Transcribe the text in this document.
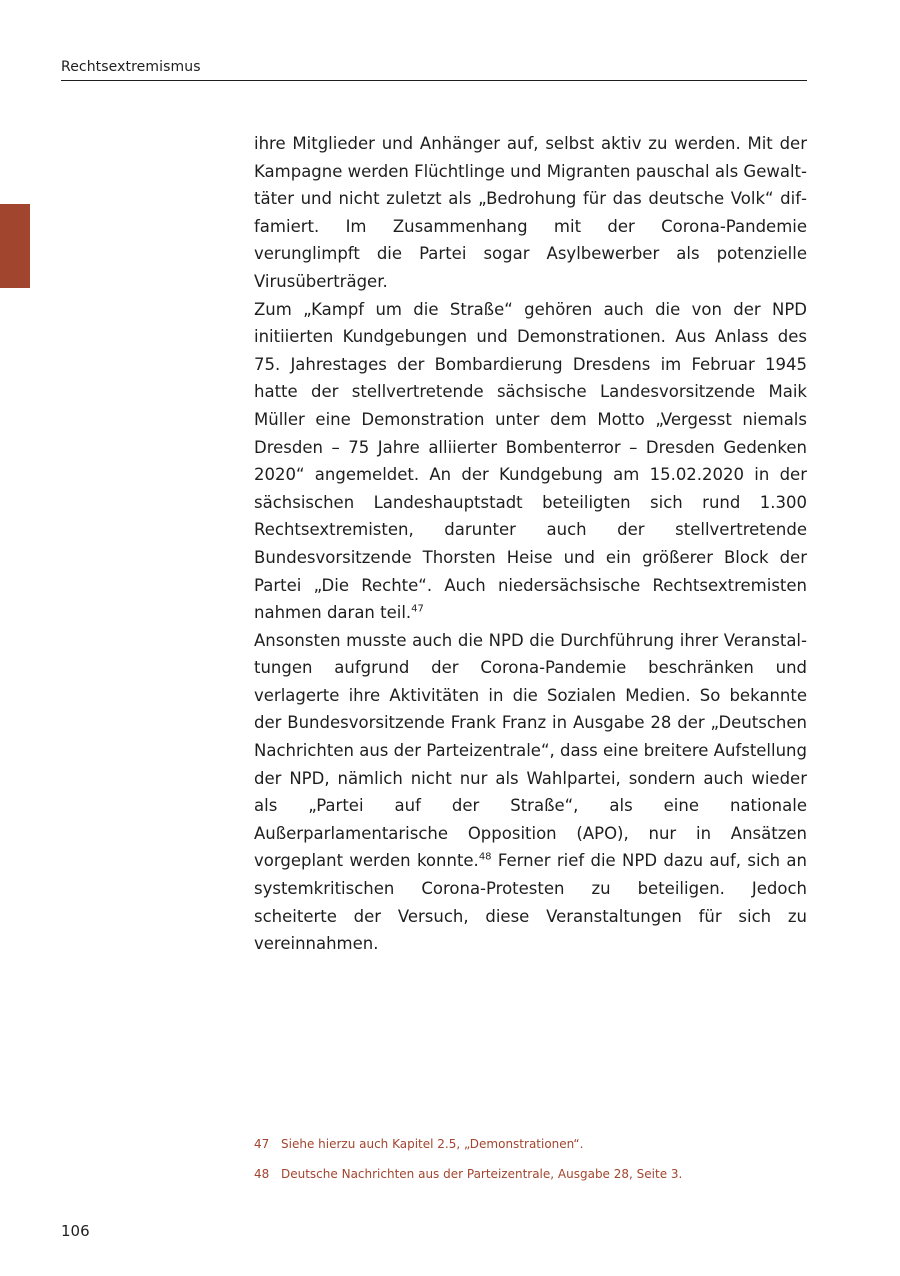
Rechtsextremismus

ihre Mitglieder und Anhänger auf, selbst aktiv zu werden. Mit der Kampagne werden Flüchtlinge und Migranten pauschal als Gewalttäter und nicht zuletzt als „Bedrohung für das deutsche Volk“ diffamiert. Im Zusammenhang mit der Corona-Pandemie verunglimpft die Partei sogar Asylbewerber als potenzielle Virusüberträger.

Zum „Kampf um die Straße“ gehören auch die von der NPD initiierten Kundgebungen und Demonstrationen. Aus Anlass des 75. Jahrestages der Bombardierung Dresdens im Februar 1945 hatte der stellvertretende sächsische Landesvorsitzende Maik Müller eine Demonstration unter dem Motto „Vergesst niemals Dresden – 75 Jahre alliierter Bombenterror – Dresden Gedenken 2020“ angemeldet. An der Kundgebung am 15.02.2020 in der sächsischen Landeshauptstadt beteiligten sich rund 1.300 Rechtsextremisten, darunter auch der stellvertretende Bundesvorsitzende Thorsten Heise und ein größerer Block der Partei „Die Rechte“. Auch niedersächsische Rechtsextremisten nahmen daran teil.$^{47}$

Ansonsten musste auch die NPD die Durchführung ihrer Veranstaltungen aufgrund der Corona-Pandemie beschränken und verlagerte ihre Aktivitäten in die Sozialen Medien. So bekannte der Bundesvorsitzende Frank Franz in Ausgabe 28 der „Deutschen Nachrichten aus der Parteizentrale“, dass eine breitere Aufstellung der NPD, nämlich nicht nur als Wahlpartei, sondern auch wieder als „Partei auf der Straße“, als eine nationale Außerparlamentarische Opposition (APO), nur in Ansätzen vorgeplant werden konnte.$^{48}$ Ferner rief die NPD dazu auf, sich an systemkritischen Corona-Protesten zu beteiligen. Jedoch scheiterte der Versuch, diese Veranstaltungen für sich zu vereinnahmen.

47 Siehe hierzu auch Kapitel 2.5, „Demonstrationen“.

48 Deutsche Nachrichten aus der Parteizentrale, Ausgabe 28, Seite 3.

106
